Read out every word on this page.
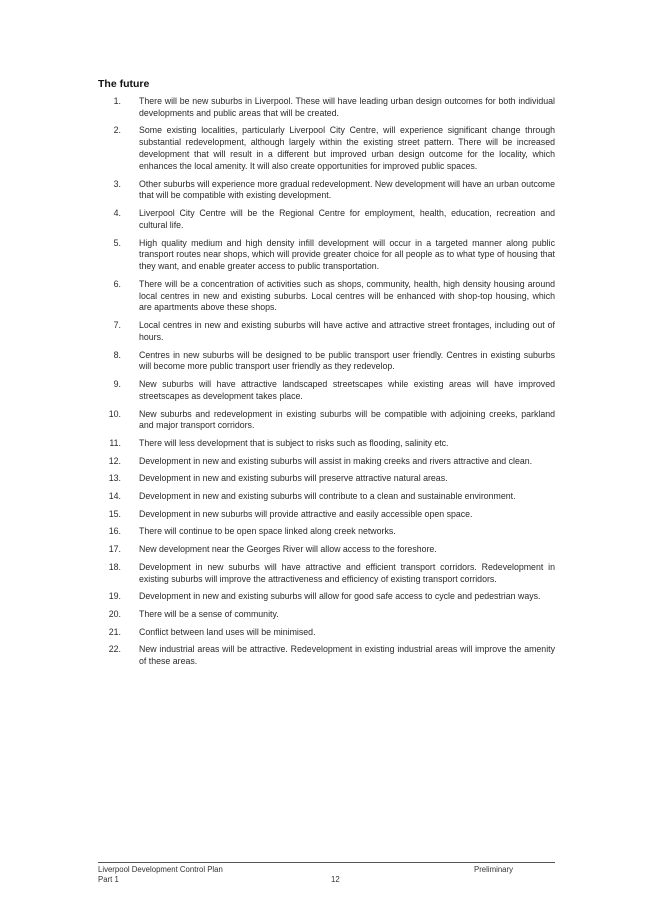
The future
1.	There will be new suburbs in Liverpool. These will have leading urban design outcomes for both individual developments and public areas that will be created.
2.	Some existing localities, particularly Liverpool City Centre, will experience significant change through substantial redevelopment, although largely within the existing street pattern. There will be increased development that will result in a different but improved urban design outcome for the locality, which enhances the local amenity. It will also create opportunities for improved public spaces.
3.	Other suburbs will experience more gradual redevelopment. New development will have an urban outcome that will be compatible with existing development.
4.	Liverpool City Centre will be the Regional Centre for employment, health, education, recreation and cultural life.
5.	High quality medium and high density infill development will occur in a targeted manner along public transport routes near shops, which will provide greater choice for all people as to what type of housing that they want, and enable greater access to public transportation.
6.	There will be a concentration of activities such as shops, community, health, high density housing around local centres in new and existing suburbs. Local centres will be enhanced with shop-top housing, which are apartments above these shops.
7.	Local centres in new and existing suburbs will have active and attractive street frontages, including out of hours.
8.	Centres in new suburbs will be designed to be public transport user friendly. Centres in existing suburbs will become more public transport user friendly as they redevelop.
9.	New suburbs will have attractive landscaped streetscapes while existing areas will have improved streetscapes as development takes place.
10.	New suburbs and redevelopment in existing suburbs will be compatible with adjoining creeks, parkland and major transport corridors.
11.	There will less development that is subject to risks such as flooding, salinity etc.
12.	Development in new and existing suburbs will assist in making creeks and rivers attractive and clean.
13.	Development in new and existing suburbs will preserve attractive natural areas.
14.	Development in new and existing suburbs will contribute to a clean and sustainable environment.
15.	Development in new suburbs will provide attractive and easily accessible open space.
16.	There will continue to be open space linked along creek networks.
17.	New development near the Georges River will allow access to the foreshore.
18.	Development in new suburbs will have attractive and efficient transport corridors. Redevelopment in existing suburbs will improve the attractiveness and efficiency of existing transport corridors.
19.	Development in new and existing suburbs will allow for good safe access to cycle and pedestrian ways.
20.	There will be a sense of community.
21.	Conflict between land uses will be minimised.
22.	New industrial areas will be attractive. Redevelopment in existing industrial areas will improve the amenity of these areas.
Liverpool Development Control Plan
Part 1	12
Preliminary
